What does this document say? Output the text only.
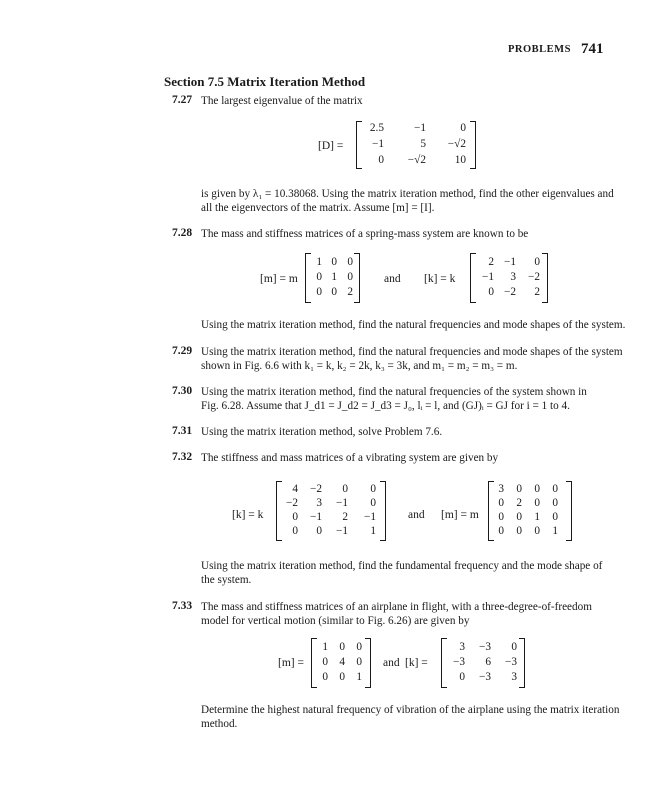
PROBLEMS 741
Section 7.5 Matrix Iteration Method
7.27 The largest eigenvalue of the matrix
[D] =
2.5	−1	0
−1	5	−√2
0	−√2	10
is given by λ₁ = 10.38068. Using the matrix iteration method, find the other eigenvalues and
all the eigenvectors of the matrix. Assume [m] = [I].
7.28 The mass and stiffness matrices of a spring-mass system are known to be
[m] = m
1 0 0
0 1 0
0 0 2
and [k] = k
2 −1	0
−1	3	−2
0 −2	2
Using the matrix iteration method, find the natural frequencies and mode shapes of the system.
7.29 Using the matrix iteration method, find the natural frequencies and mode shapes of the system
shown in Fig. 6.6 with k₁ = k, k₂ = 2k, k₃ = 3k, and m₁ = m₂ = m₃ = m.
7.30 Using the matrix iteration method, find the natural frequencies of the system shown in
Fig. 6.28. Assume that J_d1 = J_d2 = J_d3 = J₀, lᵢ = l, and (GJ)ᵢ = GJ for i = 1 to 4.
7.31 Using the matrix iteration method, solve Problem 7.6.
7.32 The stiffness and mass matrices of a vibrating system are given by
[k] = k
4	−2	0	0
−2	3	−1	0
0	−1	2	−1
0	0	−1	1
and [m] = m
3	0	0	0
0	2	0	0
0	0	1	0
0	0	0	1
Using the matrix iteration method, find the fundamental frequency and the mode shape of
the system.
7.33 The mass and stiffness matrices of an airplane in flight, with a three-degree-of-freedom
model for vertical motion (similar to Fig. 6.26) are given by
[m] =
1	0	0
0	4	0
0	0	1
and [k] =
3	−3	0
−3	6	−3
0	−3	3
Determine the highest natural frequency of vibration of the airplane using the matrix iteration
method.
